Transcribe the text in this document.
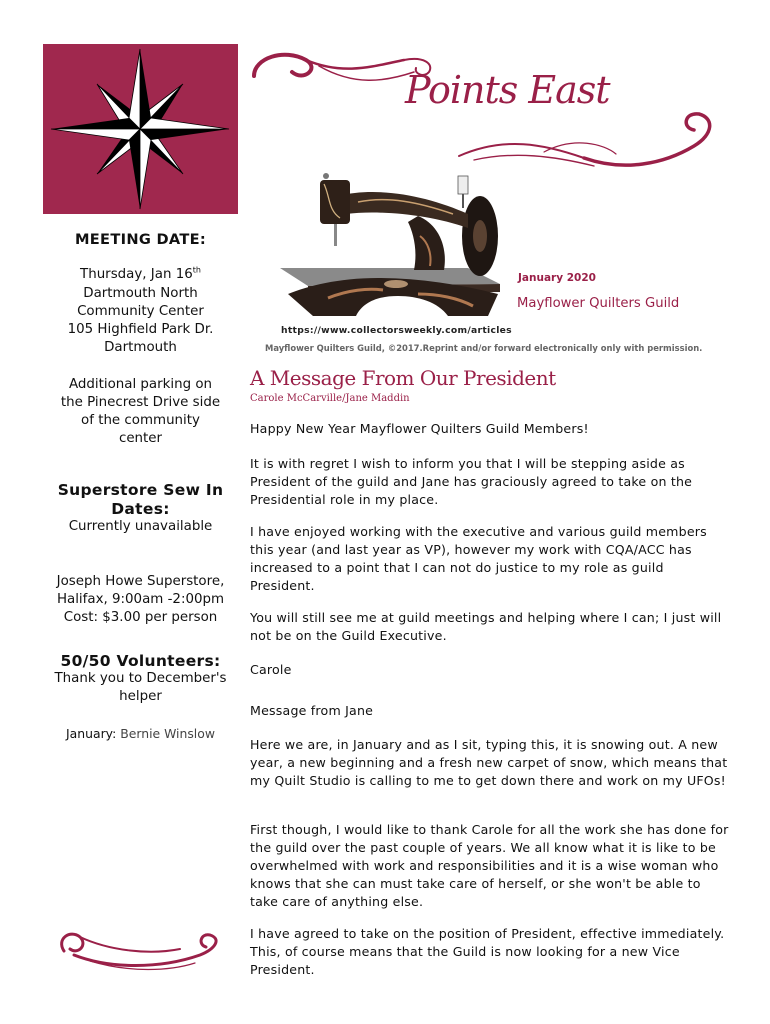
MEETING DATE:
Thursday, Jan 16th
Dartmouth North
Community Center
105 Highfield Park Dr.
Dartmouth
Additional parking on
the Pinecrest Drive side
of the community
center
Superstore Sew In
Dates:
Currently unavailable
Joseph Howe Superstore,
Halifax, 9:00am -2:00pm
Cost: $3.00 per person
50/50 Volunteers:
Thank you to December's
helper
January: Bernie Winslow
Points East
January 2020
Mayflower Quilters Guild
https://www.collectorsweekly.com/articles
Mayflower Quilters Guild, ©2017.Reprint and/or forward electronically only with permission.
A Message From Our President
Carole McCarville/Jane Maddin
Happy New Year Mayflower Quilters Guild Members!
It is with regret I wish to inform you that I will be stepping aside as President of the guild and Jane has graciously agreed to take on the Presidential role in my place.
I have enjoyed working with the executive and various guild members this year (and last year as VP), however my work with CQA/ACC has increased to a point that I can not do justice to my role as guild President.
You will still see me at guild meetings and helping where I can; I just will not be on the Guild Executive.
Carole
Message from Jane
Here we are, in January and as I sit, typing this, it is snowing out. A new year, a new beginning and a fresh new carpet of snow, which means that my Quilt Studio is calling to me to get down there and work on my UFOs!
First though, I would like to thank Carole for all the work she has done for the guild over the past couple of years. We all know what it is like to be overwhelmed with work and responsibilities and it is a wise woman who knows that she can must take care of herself, or she won't be able to take care of anything else.
I have agreed to take on the position of President, effective immediately. This, of course means that the Guild is now looking for a new Vice President.
